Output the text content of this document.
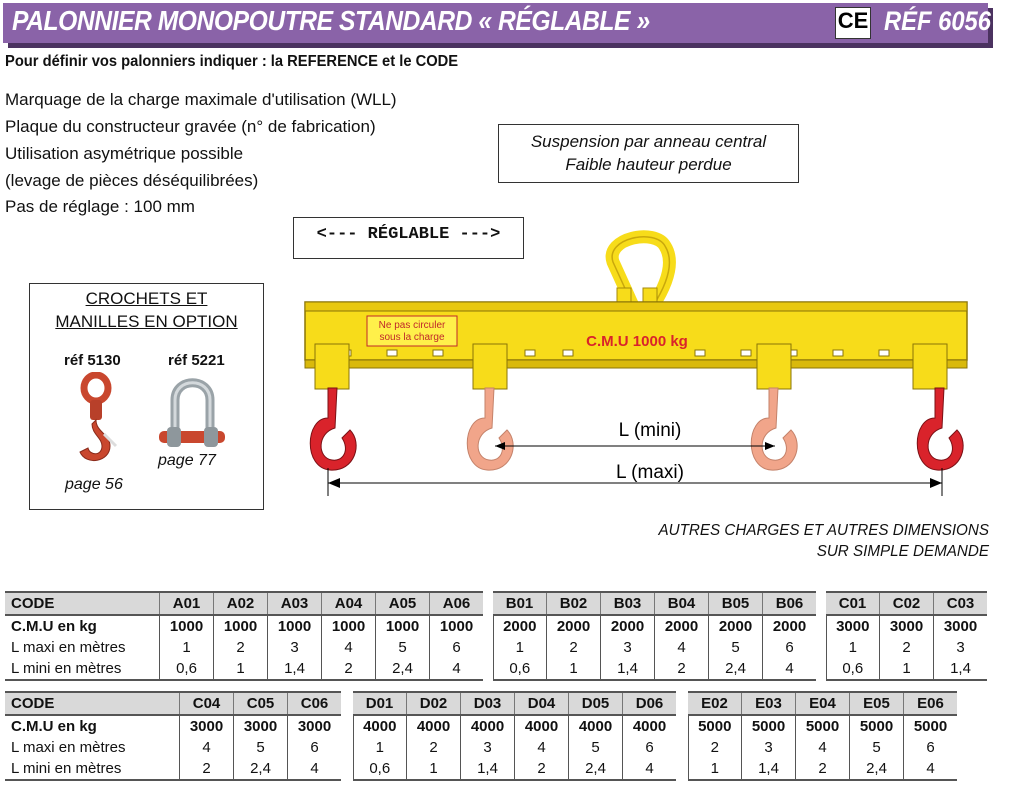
PALONNIER MONOPOUTRE STANDARD « RÉGLABLE »	CE RÉF 6056
Pour définir vos palonniers indiquer : la REFERENCE et le CODE
Marquage de la charge maximale d'utilisation (WLL)
Plaque du constructeur gravée (n° de fabrication)
Utilisation asymétrique possible
(levage de pièces déséquilibrées)
Pas de réglage : 100 mm
Suspension par anneau central
Faible hauteur perdue
<--- RÉGLABLE --->
CROCHETS ET
MANILLES EN OPTION
réf 5130	réf 5221
page 56
page 77
Ne pas circuler
sous la charge	C.M.U 1000 kg
L (mini)
L (maxi)
AUTRES CHARGES ET AUTRES DIMENSIONS
SUR SIMPLE DEMANDE
CODE	A01	A02	A03	A04	A05	A06		B01	B02	B03	B04	B05	B06		C01	C02	C03
C.M.U en kg	1000	1000	1000	1000	1000	1000		2000	2000	2000	2000	2000	2000		3000	3000	3000
L maxi en mètres	1	2	3	4	5	6		1	2	3	4	5	6		1	2	3
L mini en mètres	0,6	1	1,4	2	2,4	4		0,6	1	1,4	2	2,4	4		0,6	1	1,4
CODE	C04	C05	C06		D01	D02	D03	D04	D05	D06		E02	E03	E04	E05	E06
C.M.U en kg	3000	3000	3000		4000	4000	4000	4000	4000	4000		5000	5000	5000	5000	5000
L maxi en mètres	4	5	6		1	2	3	4	5	6		2	3	4	5	6
L mini en mètres	2	2,4	4		0,6	1	1,4	2	2,4	4		1	1,4	2	2,4	4
